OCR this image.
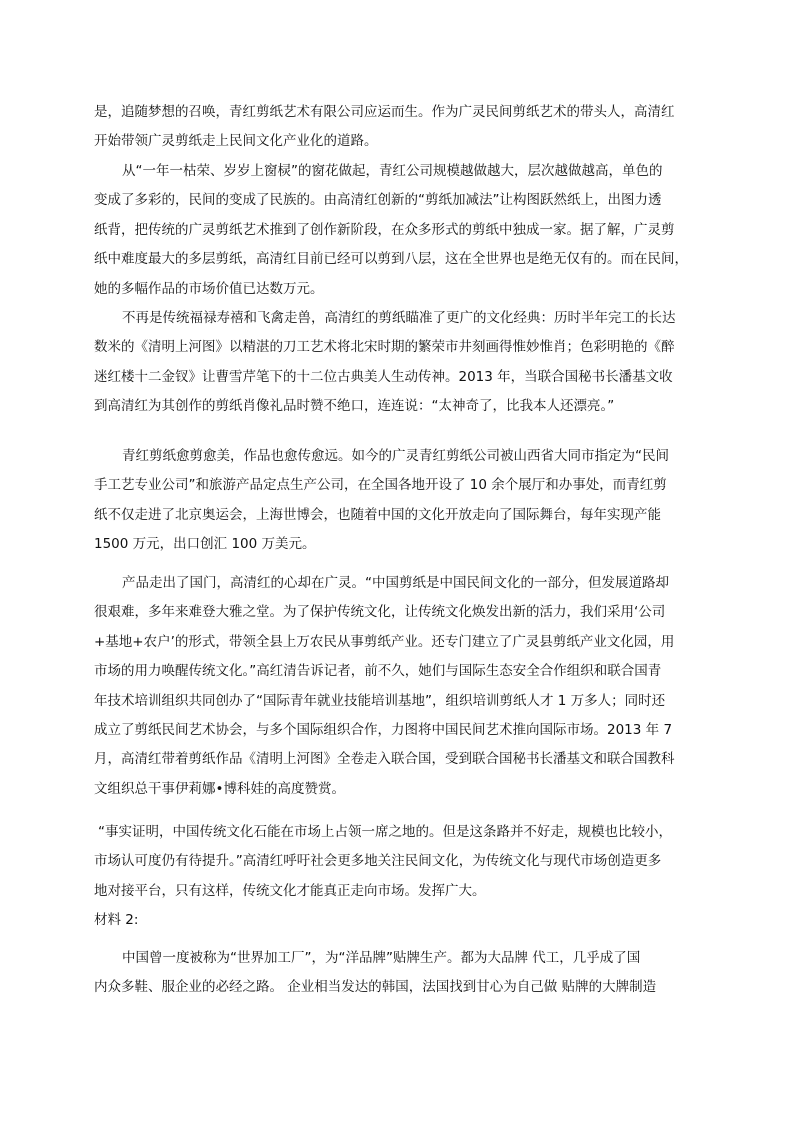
是，追随梦想的召唤，青红剪纸艺术有限公司应运而生。作为广灵民间剪纸艺术的带头人，高清红
开始带领广灵剪纸走上民间文化产业化的道路。
从“一年一枯荣、岁岁上窗棂”的窗花做起，青红公司规模越做越大，层次越做越高，单色的
变成了多彩的，民间的变成了民族的。由高清红创新的“剪纸加减法”让构图跃然纸上，出图力透
纸背，把传统的广灵剪纸艺术推到了创作新阶段，在众多形式的剪纸中独成一家。据了解，广灵剪
纸中难度最大的多层剪纸，高清红目前已经可以剪到八层，这在全世界也是绝无仅有的。而在民间，
她的多幅作品的市场价值已达数万元。
不再是传统福禄寿禧和飞禽走兽，高清红的剪纸瞄准了更广的文化经典：历时半年完工的长达
数米的《清明上河图》以精湛的刀工艺术将北宋时期的繁荣市井刻画得惟妙惟肖；色彩明艳的《醉
迷红楼十二金钗》让曹雪芹笔下的十二位古典美人生动传神。2013 年，当联合国秘书长潘基文收
到高清红为其创作的剪纸肖像礼品时赞不绝口，连连说：“太神奇了，比我本人还漂亮。”
青红剪纸愈剪愈美，作品也愈传愈远。如今的广灵青红剪纸公司被山西省大同市指定为“民间
手工艺专业公司”和旅游产品定点生产公司，在全国各地开设了 10 余个展厅和办事处，而青红剪
纸不仅走进了北京奥运会，上海世博会，也随着中国的文化开放走向了国际舞台，每年实现产能
1500 万元，出口创汇 100 万美元。
产品走出了国门，高清红的心却在广灵。“中国剪纸是中国民间文化的一部分，但发展道路却
很艰难，多年来难登大雅之堂。为了保护传统文化，让传统文化焕发出新的活力，我们采用‘公司
+基地+农户’的形式，带领全县上万农民从事剪纸产业。还专门建立了广灵县剪纸产业文化园，用
市场的用力唤醒传统文化。”高红清告诉记者，前不久，她们与国际生态安全合作组织和联合国青
年技术培训组织共同创办了“国际青年就业技能培训基地”，组织培训剪纸人才 1 万多人；同时还
成立了剪纸民间艺术协会，与多个国际组织合作，力图将中国民间艺术推向国际市场。2013 年 7
月，高清红带着剪纸作品《清明上河图》全卷走入联合国，受到联合国秘书长潘基文和联合国教科
文组织总干事伊莉娜•博科娃的高度赞赏。
“事实证明，中国传统文化石能在市场上占领一席之地的。但是这条路并不好走，规模也比较小，
市场认可度仍有待提升。”高清红呼吁社会更多地关注民间文化，为传统文化与现代市场创造更多
地对接平台，只有这样，传统文化才能真正走向市场。发挥广大。
材料 2:
中国曾一度被称为“世界加工厂”，为“洋品牌”贴牌生产。都为大品牌 代工，几乎成了国
内众多鞋、服企业的必经之路。 企业相当发达的韩国，法国找到甘心为自己做 贴牌的大牌制造
